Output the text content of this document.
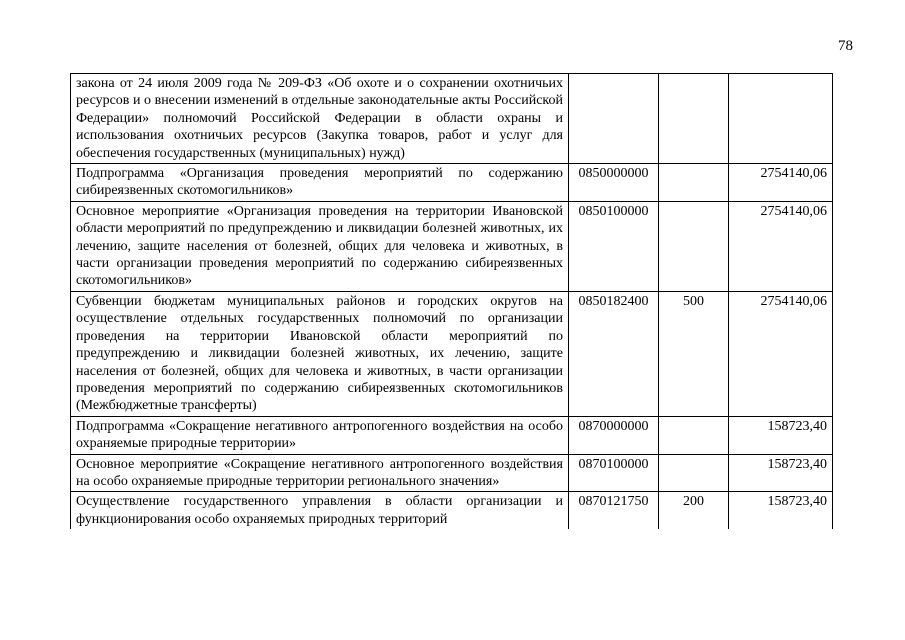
78
закона от 24 июля 2009 года № 209-ФЗ «Об охоте и о сохранении охотничьих ресурсов и о внесении изменений в отдельные законодательные акты Российской Федерации» полномочий Российской Федерации в области охраны и использования охотничьих ресурсов (Закупка товаров, работ и услуг для обеспечения государственных (муниципальных) нужд)			
Подпрограмма «Организация проведения мероприятий по содержанию сибиреязвенных скотомогильников»	0850000000		2754140,06
Основное мероприятие «Организация проведения на территории Ивановской области мероприятий по предупреждению и ликвидации болезней животных, их лечению, защите населения от болезней, общих для человека и животных, в части организации проведения мероприятий по содержанию сибиреязвенных скотомогильников»	0850100000		2754140,06
Субвенции бюджетам муниципальных районов и городских округов на осуществление отдельных государственных полномочий по организации проведения на территории Ивановской области мероприятий по предупреждению и ликвидации болезней животных, их лечению, защите населения от болезней, общих для человека и животных, в части организации проведения мероприятий по содержанию сибиреязвенных скотомогильников (Межбюджетные трансферты)	0850182400	500	2754140,06
Подпрограмма «Сокращение негативного антропогенного воздействия на особо охраняемые природные территории»	0870000000		158723,40
Основное мероприятие «Сокращение негативного антропогенного воздействия на особо охраняемые природные территории регионального значения»	0870100000		158723,40
Осуществление государственного управления в области организации и функционирования особо охраняемых природных территорий	0870121750	200	158723,40
